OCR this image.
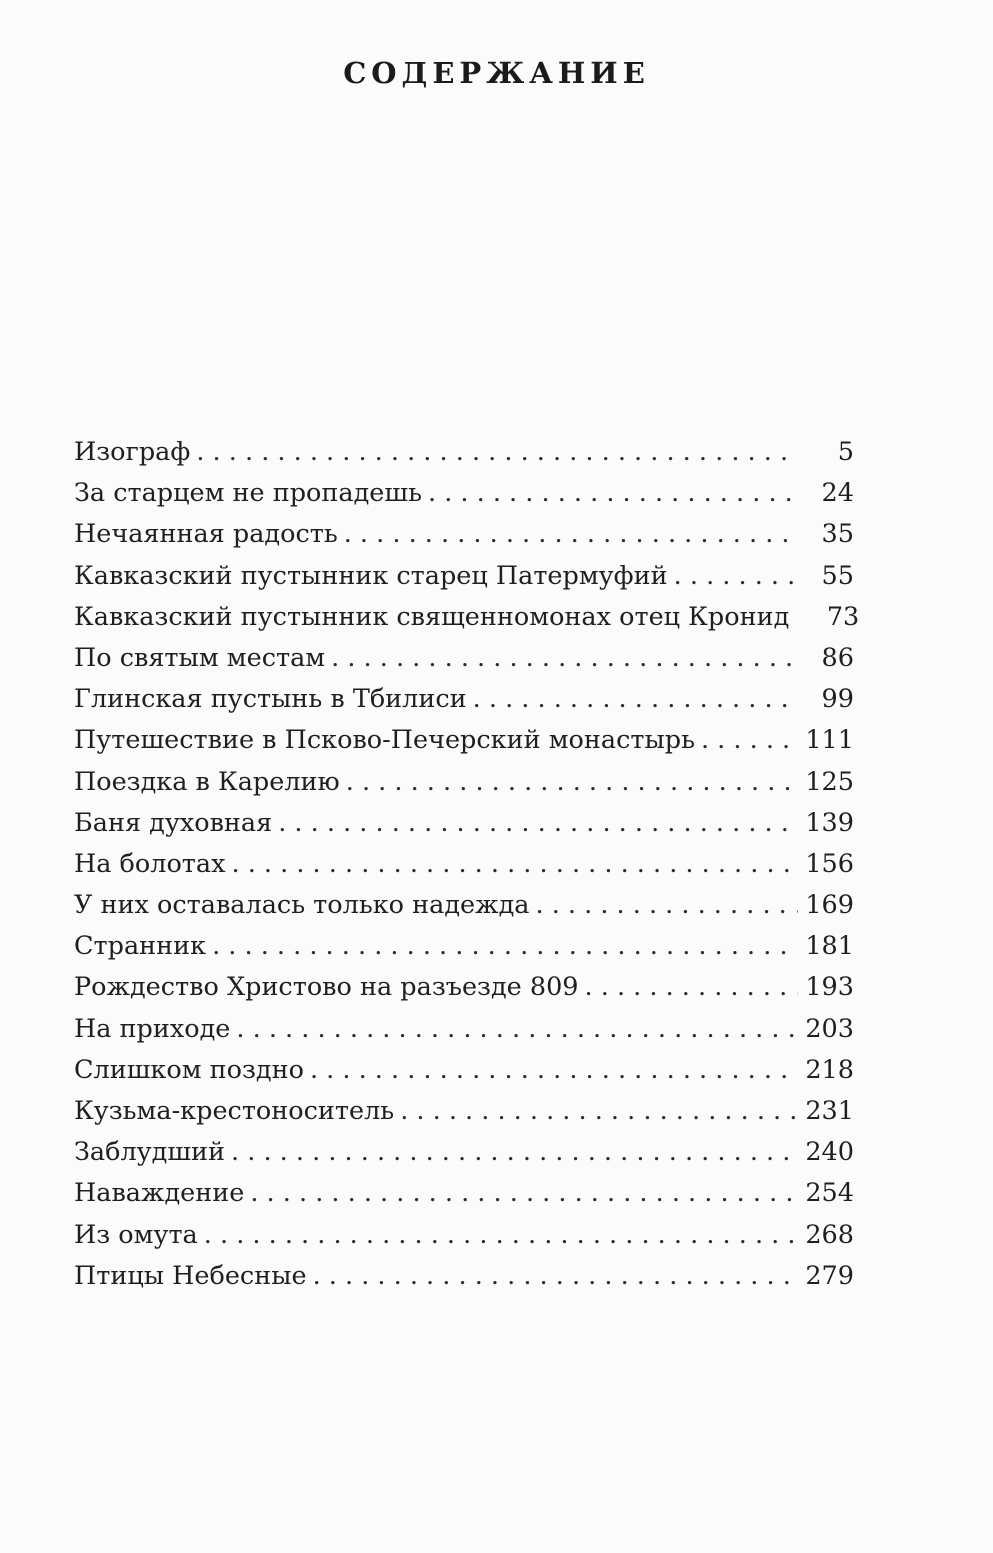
СОДЕРЖАНИЕ
Изограф . . .	5
За старцем не пропадешь . . .	24
Нечаянная радость . . .	35
Кавказский пустынник старец Патермуфий . . .	55
Кавказский пустынник священномонах отец Кронид	73
По святым местам . . .	86
Глинская пустынь в Тбилиси . . .	99
Путешествие в Псково-Печерский монастырь . . .	111
Поездка в Карелию . . .	125
Баня духовная . . .	139
На болотах . . .	156
У них оставалась только надежда . . .	169
Странник . . .	181
Рождество Христово на разъезде 809 . . .	193
На приходе . . .	203
Слишком поздно . . .	218
Кузьма-крестоноситель . . .	231
Заблудший . . .	240
Наваждение . . .	254
Из омута . . .	268
Птицы Небесные . . .	279
